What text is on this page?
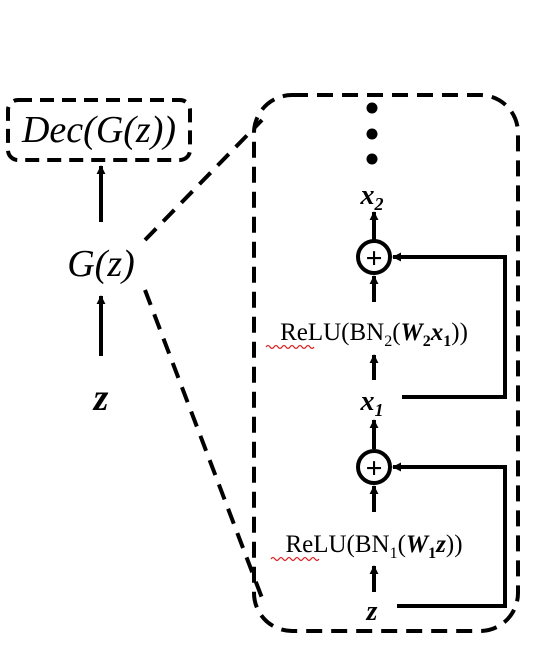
Dec(G(z))
G(z)
z
$x_2$
+
$ReLU(BN_2(W_2x_1))$
$x_1$
+
$ReLU(BN_1(W_1z))$
z
